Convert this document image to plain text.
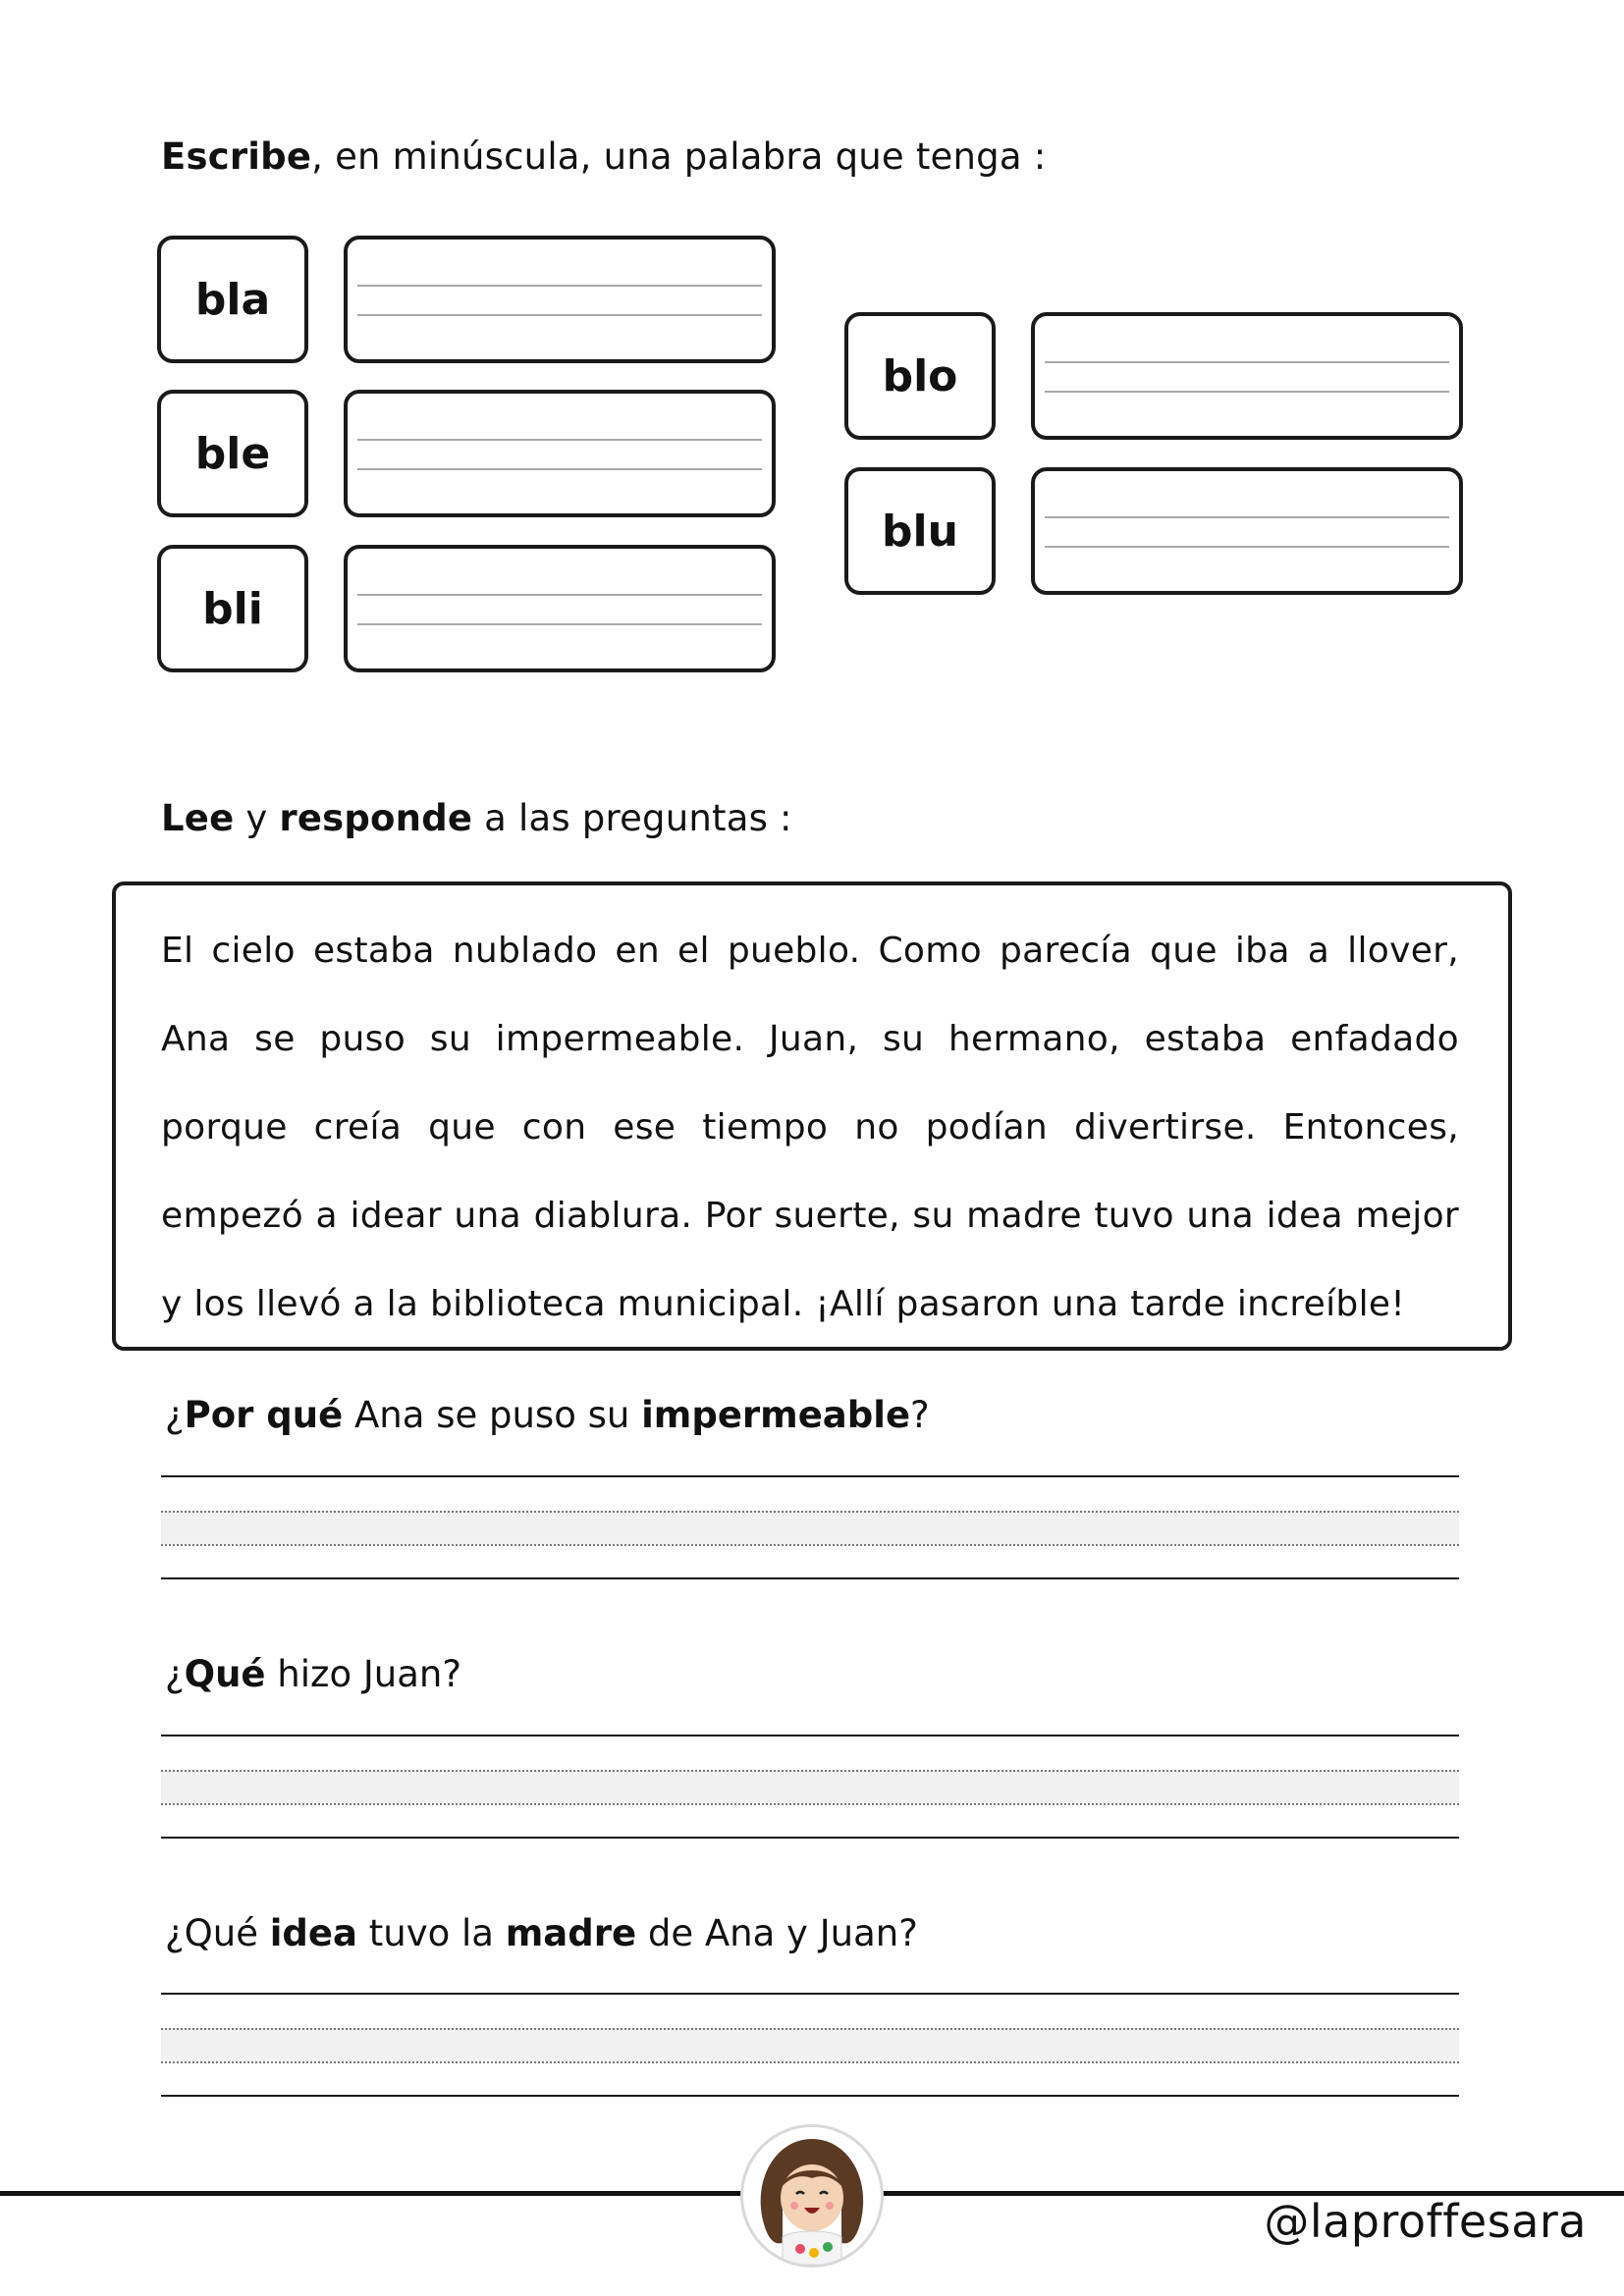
Escribe, en minúscula, una palabra que tenga :
bla
ble
bli
blo
blu
Lee y responde a las preguntas :
El cielo estaba nublado en el pueblo. Como parecía que iba a llover, Ana se puso su impermeable. Juan, su hermano, estaba enfadado porque creía que con ese tiempo no podían divertirse. Entonces, empezó a idear una diablura. Por suerte, su madre tuvo una idea mejor y los llevó a la biblioteca municipal. ¡Allí pasaron una tarde increíble!
¿Por qué Ana se puso su impermeable?
¿Qué hizo Juan?
¿Qué idea tuvo la madre de Ana y Juan?
@laproffesara
